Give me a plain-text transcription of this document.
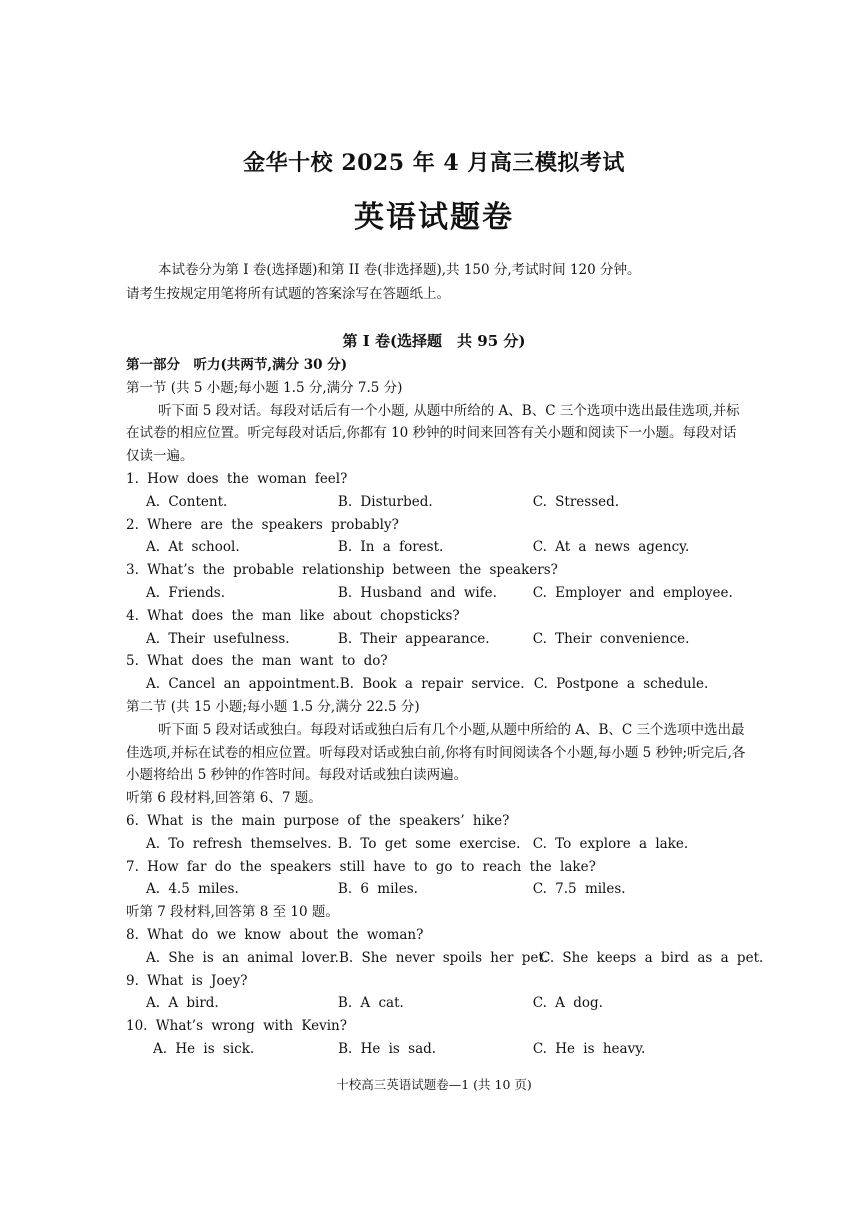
金华十校 2025 年 4 月高三模拟考试
英语试题卷

本试卷分为第 I 卷(选择题)和第 II 卷(非选择题),共 150 分,考试时间 120 分钟。

请考生按规定用笔将所有试题的答案涂写在答题纸上。

第 I 卷(选择题　共 95 分)
第一部分　听力(共两节,满分 30 分)
第一节 (共 5 小题;每小题 1.5 分,满分 7.5 分)

听下面 5 段对话。每段对话后有一个小题, 从题中所给的 A、B、C 三个选项中选出最佳选项,并标在试卷的相应位置。听完每段对话后,你都有 10 秒钟的时间来回答有关小题和阅读下一小题。每段对话仅读一遍。

1. How does the woman feel?
A. Content.	B. Disturbed.	C. Stressed.
2. Where are the speakers probably?
A. At school.	B. In a forest.	C. At a news agency.
3. What’s the probable relationship between the speakers?
A. Friends.	B. Husband and wife.	C. Employer and employee.
4. What does the man like about chopsticks?
A. Their usefulness.	B. Their appearance.	C. Their convenience.
5. What does the man want to do?
A. Cancel an appointment. B. Book a repair service. C. Postpone a schedule.
第二节 (共 15 小题;每小题 1.5 分,满分 22.5 分)

听下面 5 段对话或独白。每段对话或独白后有几个小题,从题中所给的 A、B、C 三个选项中选出最佳选项,并标在试卷的相应位置。听每段对话或独白前,你将有时间阅读各个小题,每小题 5 秒钟;听完后,各小题将给出 5 秒钟的作答时间。每段对话或独白读两遍。

听第 6 段材料,回答第 6、7 题。
6. What is the main purpose of the speakers’ hike?
A. To refresh themselves. B. To get some exercise. C. To explore a lake.
7. How far do the speakers still have to go to reach the lake?
A. 4.5 miles.	B. 6 miles.	C. 7.5 miles.
听第 7 段材料,回答第 8 至 10 题。
8. What do we know about the woman?
A. She is an animal lover. B. She never spoils her pet.
C. She keeps a bird as a pet.
9. What is Joey?
A. A bird.	B. A cat.	C. A dog.
10. What’s wrong with Kevin?
A. He is sick.	B. He is sad.	C. He is heavy.
十校高三英语试题卷—1 (共 10 页)
